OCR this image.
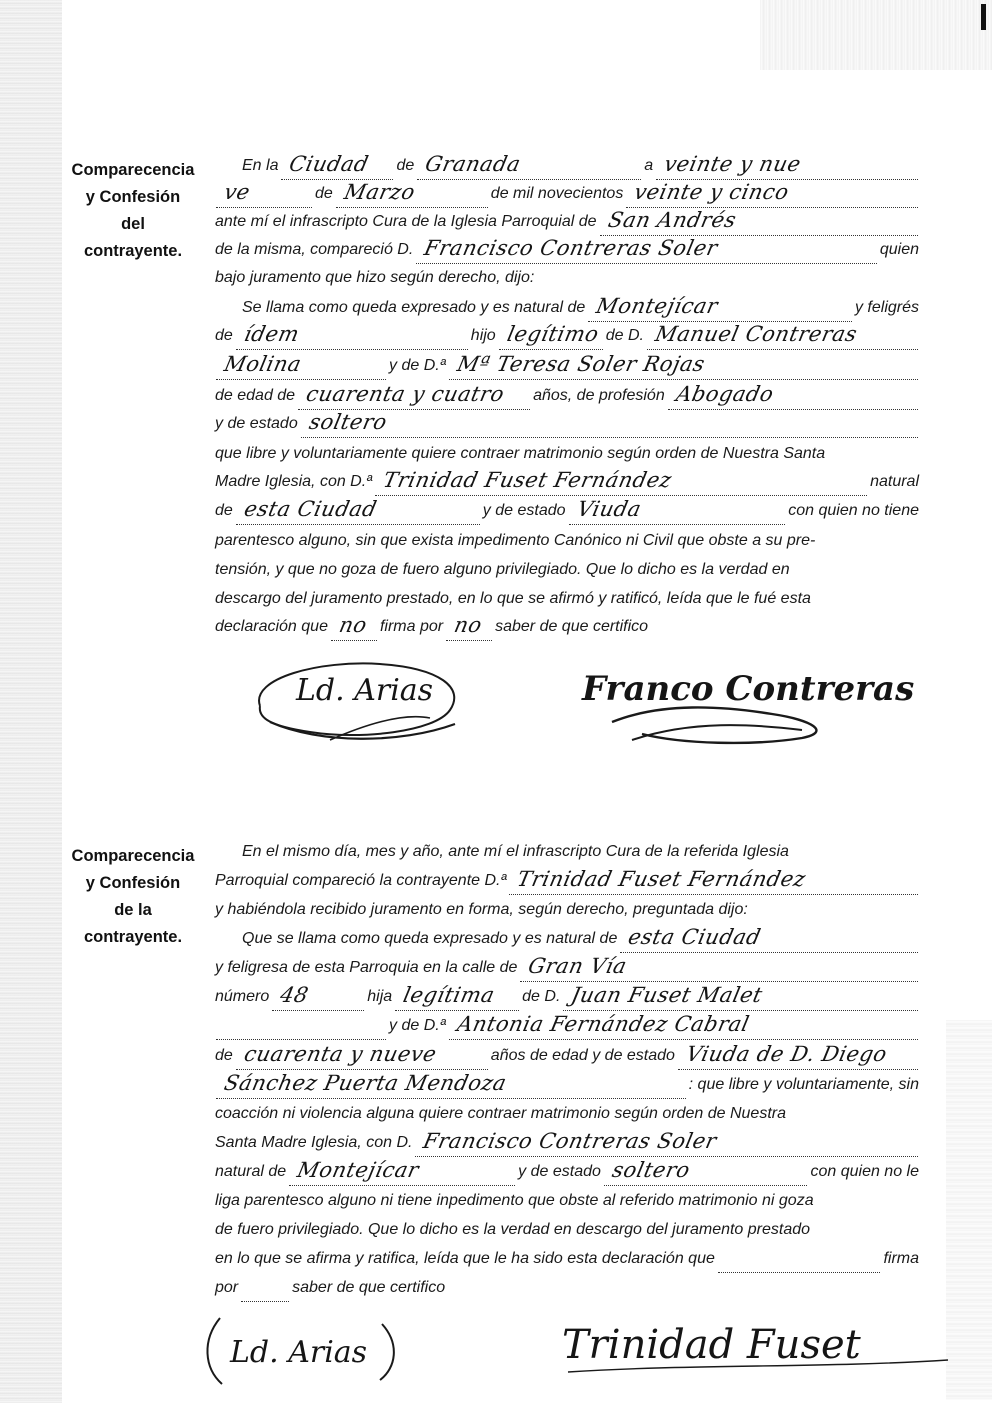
Comparecencia
y Confesión
del
contrayente.
En la Ciudad de Granada	a veinte y nue
ve	de Marzo	de mil novecientos veinte y cinco
ante mí el infrascripto Cura de la Iglesia Parroquial de San Andrés
de la misma, compareció D. Francisco Contreras Soler	quien
bajo juramento que hizo según derecho, dijo:
Se llama como queda expresado y es natural de Montejícar	y feligrés
de ídem	hijo legítimo de D. Manuel Contreras
Molina	y de D.ª Mª Teresa Soler Rojas
de edad de cuarenta y cuatro años, de profesión Abogado
y de estado soltero
que libre y voluntariamente quiere contraer matrimonio según orden de Nuestra Santa
Madre Iglesia, con D.ª Trinidad Fuset Fernández	natural
de esta Ciudad	y de estado Viuda	con quien no tiene
parentesco alguno, sin que exista impedimento Canónico ni Civil que obste a su pre-
tensión, y que no goza de fuero alguno privilegiado. Que lo dicho es la verdad en
descargo del juramento prestado, en lo que se afirmó y ratificó, leída que le fué esta
declaración que no firma por no saber de que certifico
Ld. Arias	Franco Contreras
Comparecencia
y Confesión
de la
contrayente.
En el mismo día, mes y año, ante mí el infrascripto Cura de la referida Iglesia
Parroquial compareció la contrayente D.ª Trinidad Fuset Fernández
y habiéndola recibido juramento en forma, según derecho, preguntada dijo:
Que se llama como queda expresado y es natural de esta Ciudad
y feligresa de esta Parroquia en la calle de Gran Vía
número 48	hija legítima de D. Juan Fuset Malet
y de D.ª Antonia Fernández Cabral
de cuarenta y nueve	años de edad y de estado Viuda de D. Diego
Sánchez Puerta Mendoza	: que libre y voluntariamente, sin
coacción ni violencia alguna quiere contraer matrimonio según orden de Nuestra
Santa Madre Iglesia, con D. Francisco Contreras Soler
natural de Montejícar	y de estado soltero	con quien no le
liga parentesco alguno ni tiene inpedimento que obste al referido matrimonio ni goza
de fuero privilegiado. Que lo dicho es la verdad en descargo del juramento prestado
en lo que se afirma y ratifica, leída que le ha sido esta declaración que	firma
por	saber de que certifico
Ld. Arias	Trinidad Fuset
